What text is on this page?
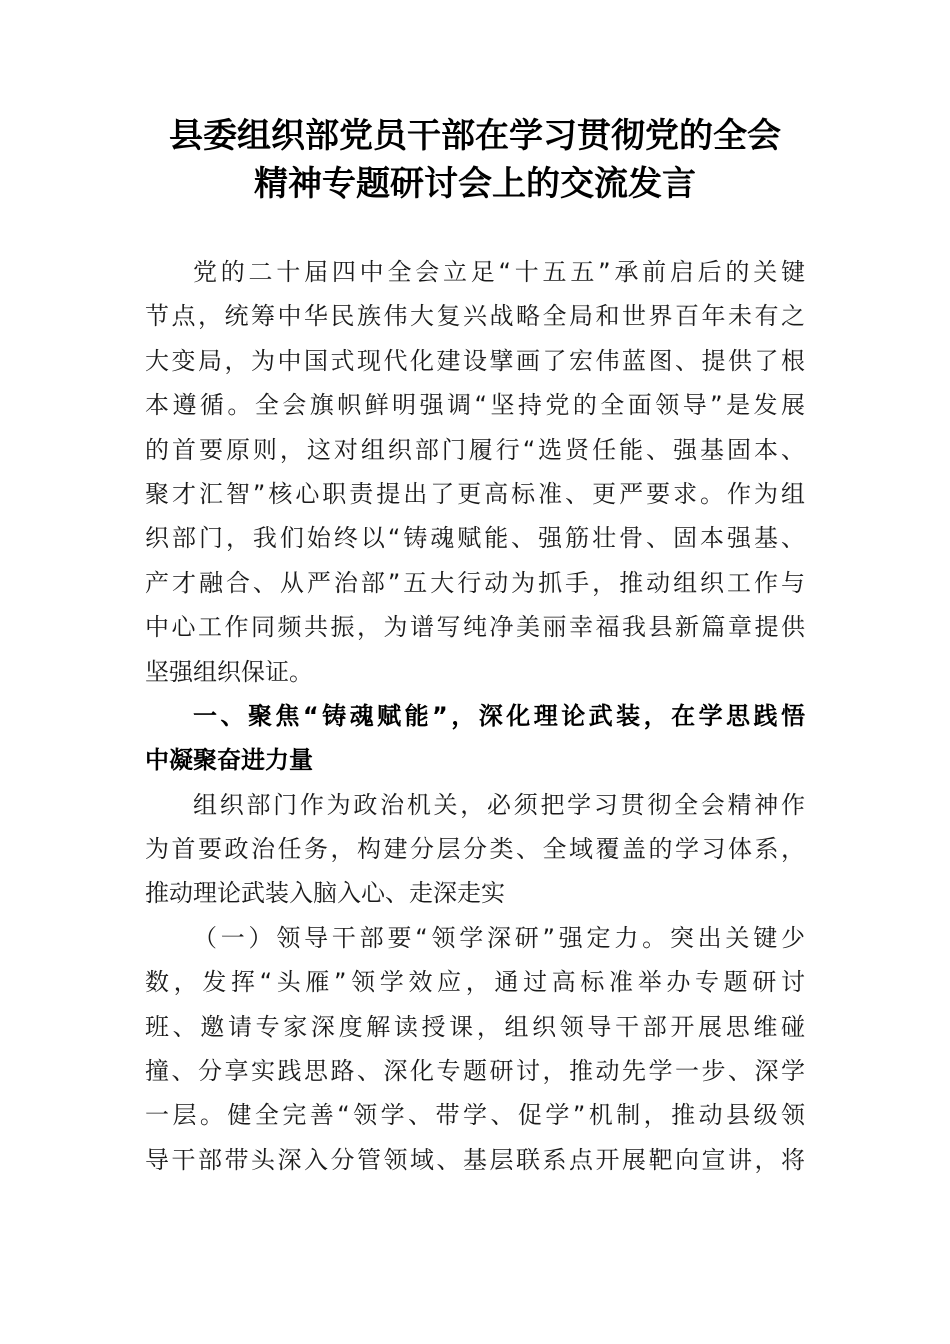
县委组织部党员干部在学习贯彻党的全会
精神专题研讨会上的交流发言
党的二十届四中全会立足“十五五”承前启后的关键
节点，统筹中华民族伟大复兴战略全局和世界百年未有之
大变局，为中国式现代化建设擘画了宏伟蓝图、提供了根
本遵循。全会旗帜鲜明强调“坚持党的全面领导”是发展
的首要原则，这对组织部门履行“选贤任能、强基固本、
聚才汇智”核心职责提出了更高标准、更严要求。作为组
织部门，我们始终以“铸魂赋能、强筋壮骨、固本强基、
产才融合、从严治部”五大行动为抓手，推动组织工作与
中心工作同频共振，为谱写纯净美丽幸福我县新篇章提供
坚强组织保证。
一、聚焦“铸魂赋能”，深化理论武装，在学思践悟
中凝聚奋进力量
组织部门作为政治机关，必须把学习贯彻全会精神作
为首要政治任务，构建分层分类、全域覆盖的学习体系，
推动理论武装入脑入心、走深走实
（一）领导干部要“领学深研”强定力。突出关键少
数，发挥“头雁”领学效应，通过高标准举办专题研讨
班、邀请专家深度解读授课，组织领导干部开展思维碰
撞、分享实践思路、深化专题研讨，推动先学一步、深学
一层。健全完善“领学、带学、促学”机制，推动县级领
导干部带头深入分管领域、基层联系点开展靶向宣讲，将
